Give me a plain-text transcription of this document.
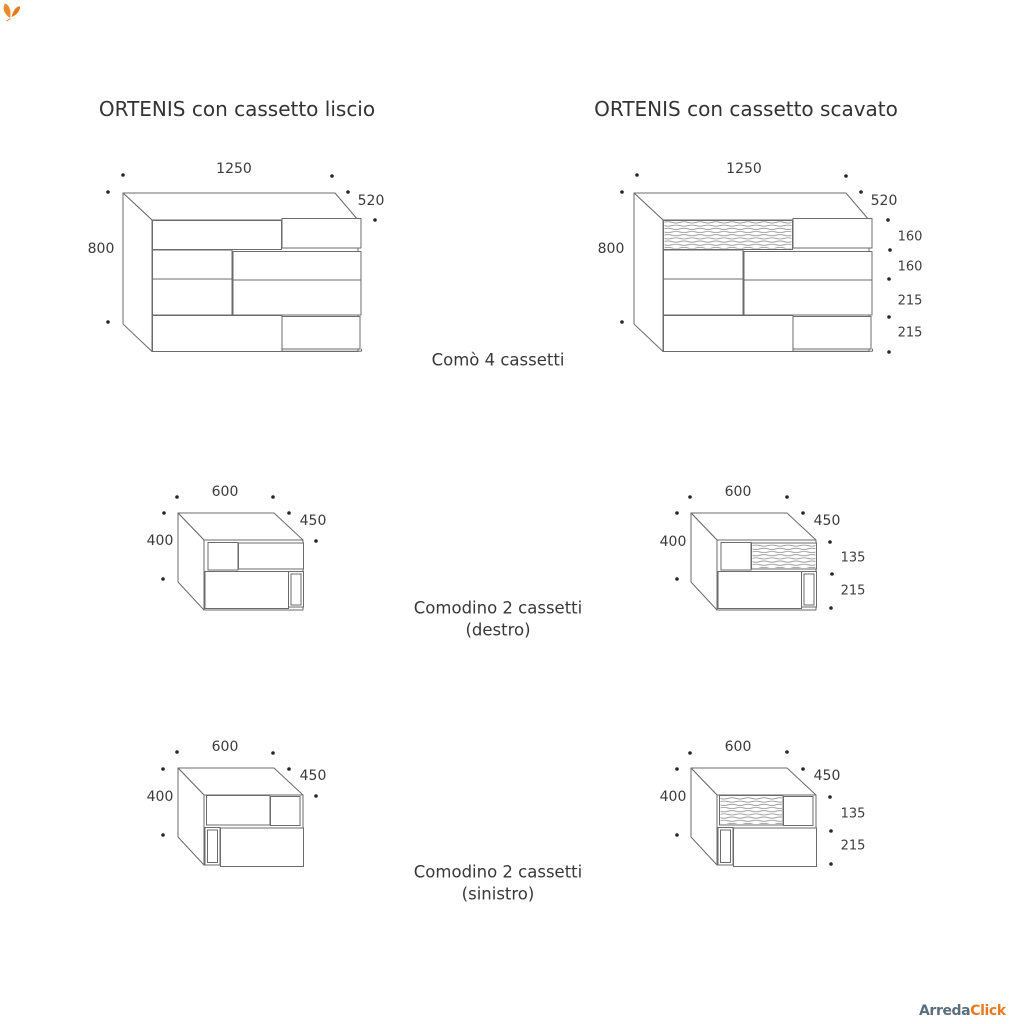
ORTENIS con cassetto liscio	ORTENIS con cassetto scavato
Comò 4 cassetti
Comodino 2 cassetti
(destro)
Comodino 2 cassetti
(sinistro)
1250
520
800
1250
520
800
160
160
215
215
600
450
400
600
450
400
135
215
600
450
400
600
450
400
135
215
ArredaClick
